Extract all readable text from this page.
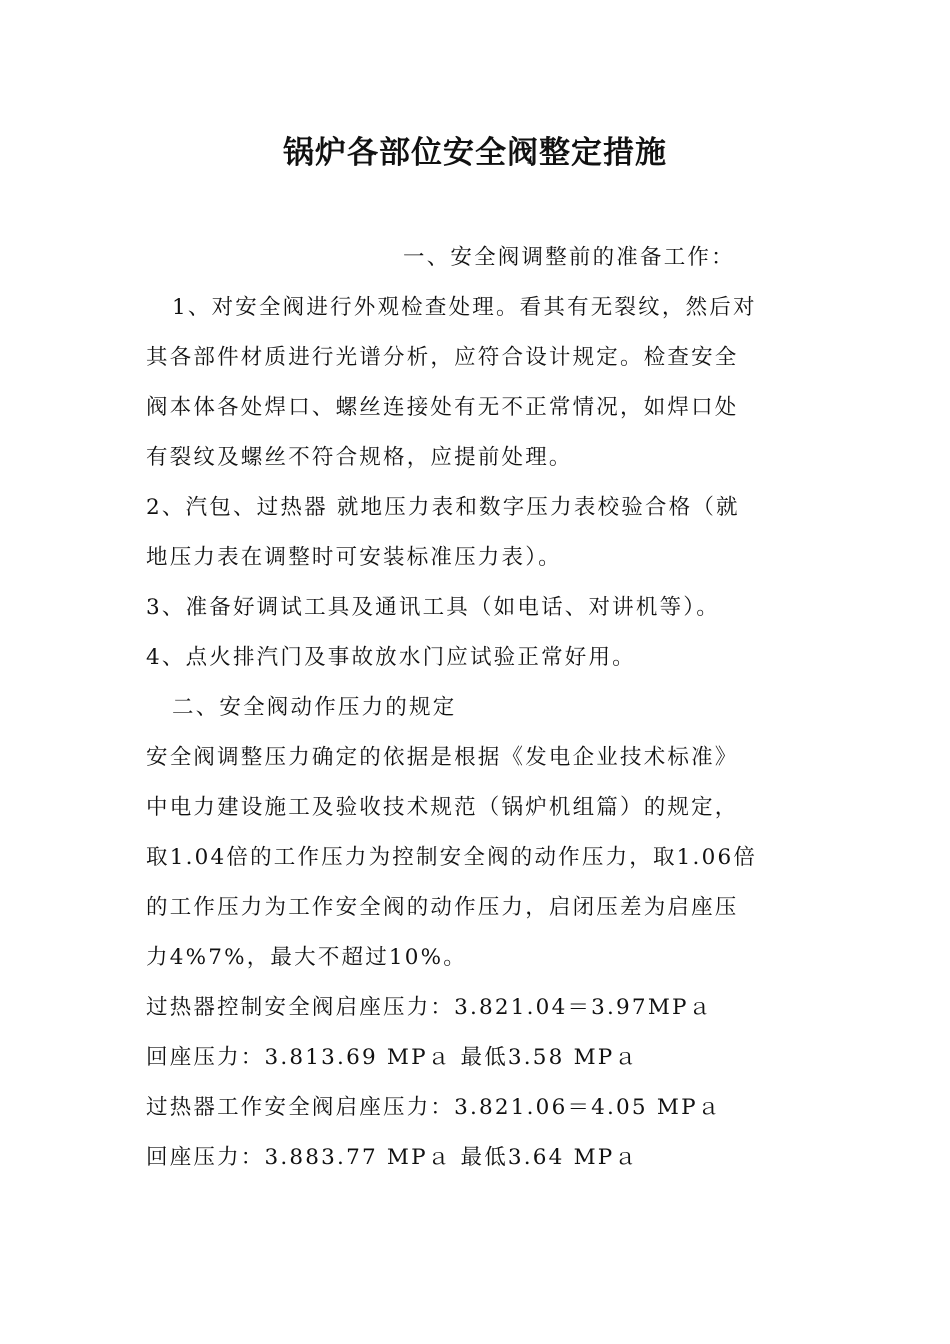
锅炉各部位安全阀整定措施
一、安全阀调整前的准备工作：
1、对安全阀进行外观检查处理。看其有无裂纹，然后对
其各部件材质进行光谱分析，应符合设计规定。检查安全
阀本体各处焊口、螺丝连接处有无不正常情况，如焊口处
有裂纹及螺丝不符合规格，应提前处理。
2、汽包、过热器 就地压力表和数字压力表校验合格（就
地压力表在调整时可安装标准压力表）。
3、准备好调试工具及通讯工具（如电话、对讲机等）。
4、点火排汽门及事故放水门应试验正常好用。
二、安全阀动作压力的规定
安全阀调整压力确定的依据是根据《发电企业技术标准》
中电力建设施工及验收技术规范（锅炉机组篇）的规定，
取1.04倍的工作压力为控制安全阀的动作压力，取1.06倍
的工作压力为工作安全阀的动作压力，启闭压差为启座压
力4%7%，最大不超过10%。
过热器控制安全阀启座压力：3.821.04＝3.97MPａ
回座压力：3.813.69 MPａ 最低3.58 MPａ
过热器工作安全阀启座压力：3.821.06＝4.05 MPａ
回座压力：3.883.77 MPａ 最低3.64 MPａ
